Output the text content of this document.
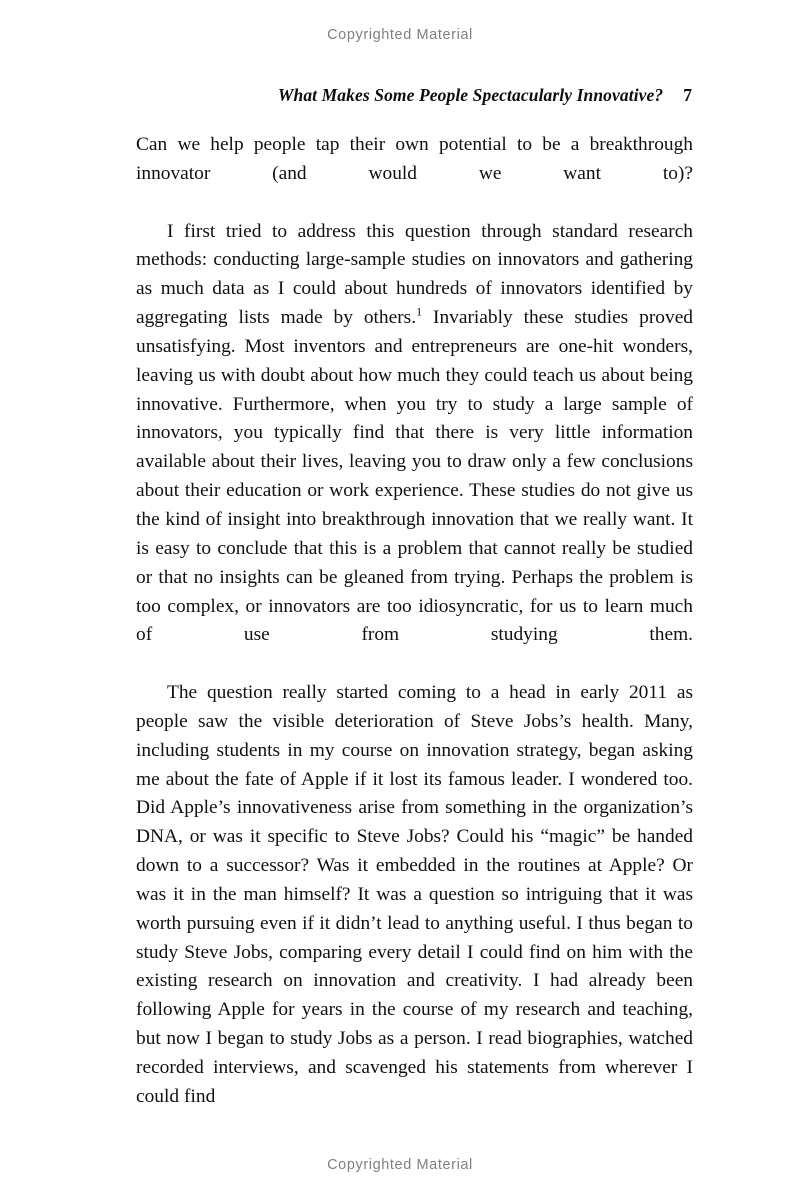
Copyrighted Material
What Makes Some People Spectacularly Innovative? 7

Can we help people tap their own potential to be a breakthrough innovator (and would we want to)?

I first tried to address this question through standard research methods: conducting large-sample studies on innovators and gathering as much data as I could about hundreds of innovators identified by aggregating lists made by others.$^1$ Invariably these studies proved unsatisfying. Most inventors and entrepreneurs are one-hit wonders, leaving us with doubt about how much they could teach us about being innovative. Furthermore, when you try to study a large sample of innovators, you typically find that there is very little information available about their lives, leaving you to draw only a few conclusions about their education or work experience. These studies do not give us the kind of insight into breakthrough innovation that we really want. It is easy to conclude that this is a problem that cannot really be studied or that no insights can be gleaned from trying. Perhaps the problem is too complex, or innovators are too idiosyncratic, for us to learn much of use from studying them.

The question really started coming to a head in early 2011 as people saw the visible deterioration of Steve Jobs’s health. Many, including students in my course on innovation strategy, began asking me about the fate of Apple if it lost its famous leader. I wondered too. Did Apple’s innovativeness arise from something in the organization’s DNA, or was it specific to Steve Jobs? Could his “magic” be handed down to a successor? Was it embedded in the routines at Apple? Or was it in the man himself? It was a question so intriguing that it was worth pursuing even if it didn’t lead to anything useful. I thus began to study Steve Jobs, comparing every detail I could find on him with the existing research on innovation and creativity. I had already been following Apple for years in the course of my research and teaching, but now I began to study Jobs as a person. I read biographies, watched recorded interviews, and scavenged his statements from wherever I could find

Copyrighted Material
